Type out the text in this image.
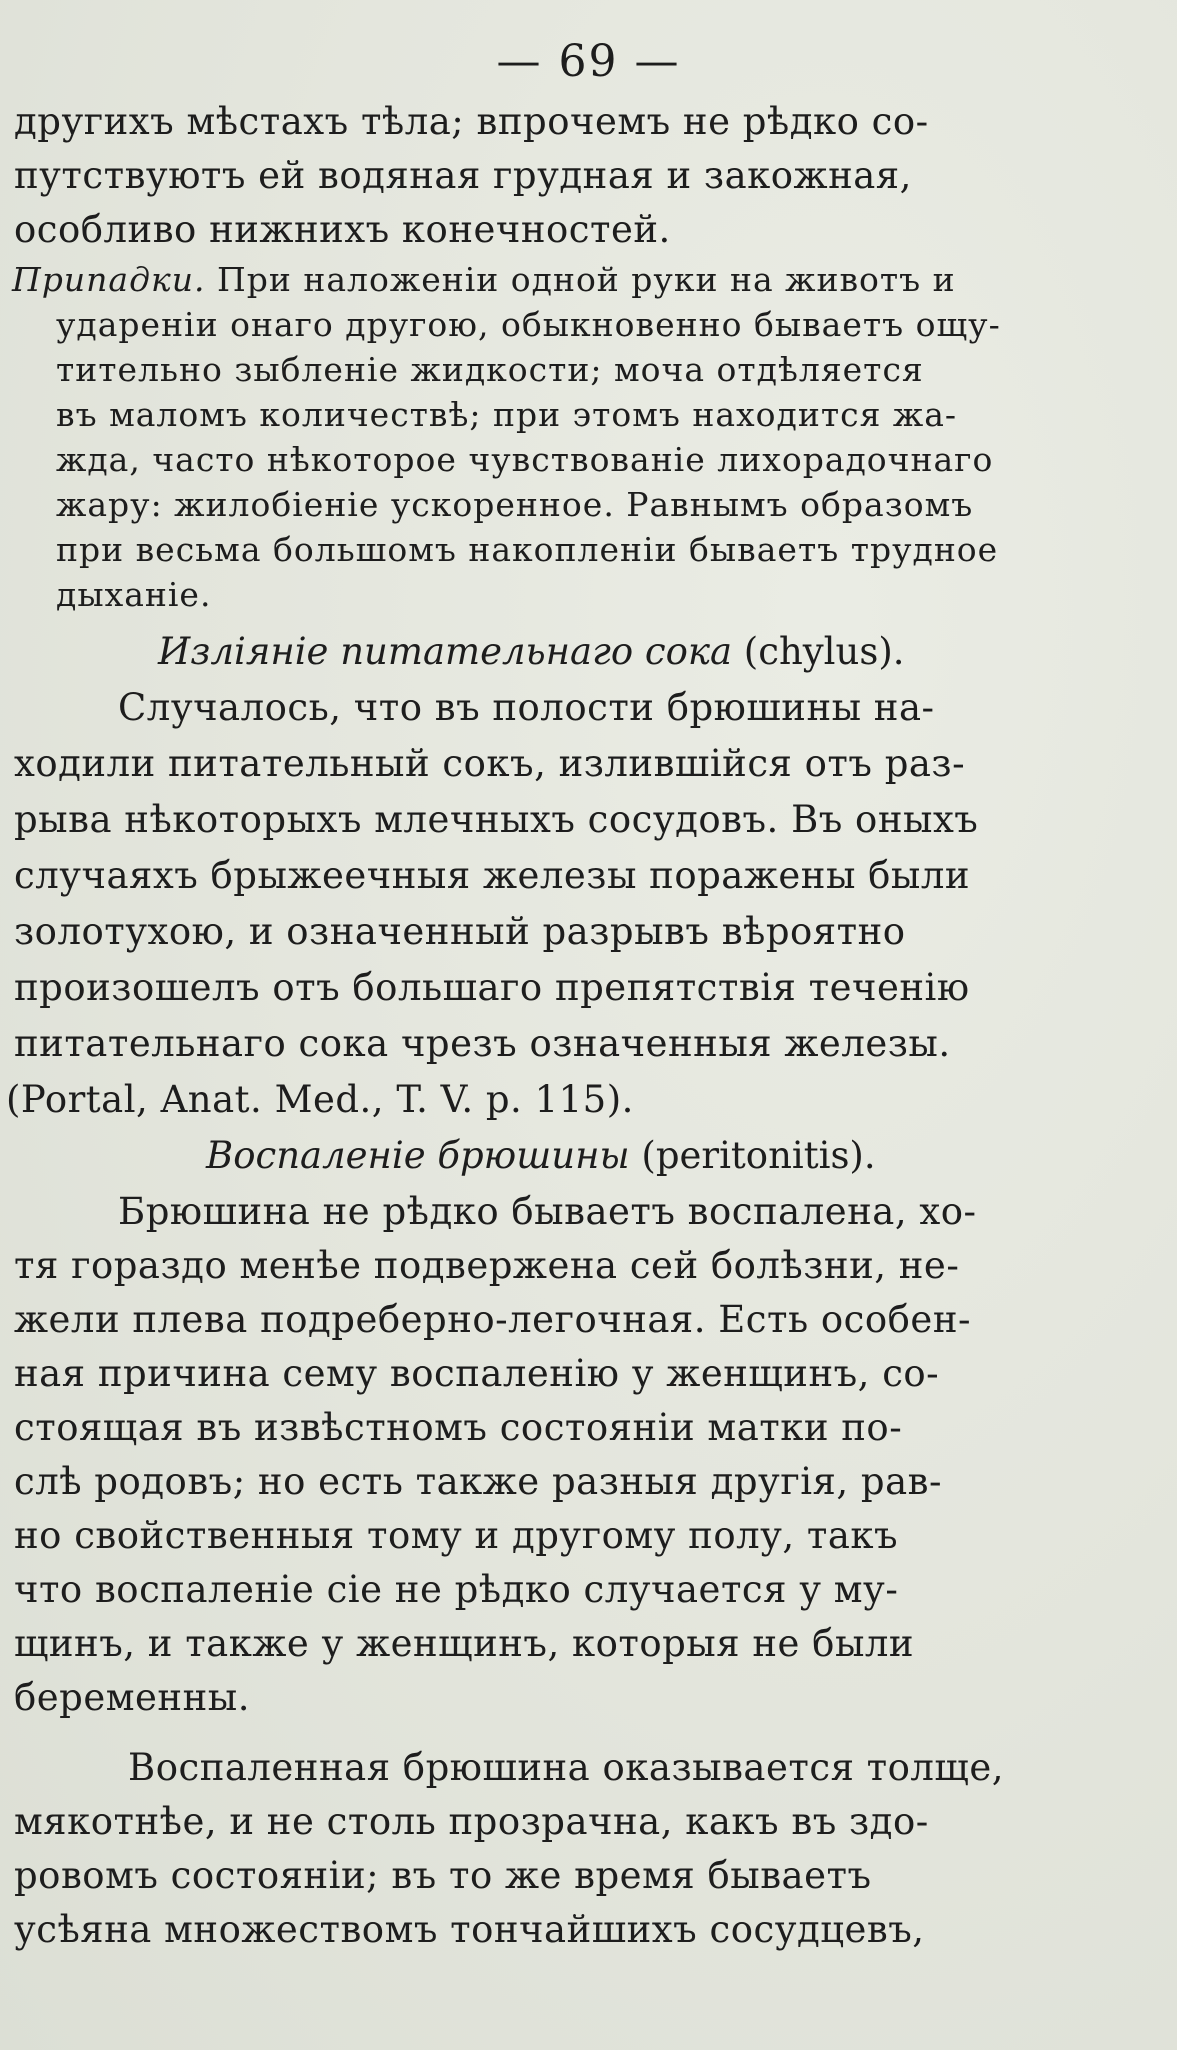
— 69 —
другихъ мѣстахъ тѣла; впрочемъ не рѣдко со-
путствуютъ ей водяная грудная и закожная,
особливо нижнихъ конечностей.
Припадки. При наложеніи одной руки на животъ и
удареніи онаго другою, обыкновенно бываетъ ощу-
тительно зыбленіе жидкости; моча отдѣляется
въ маломъ количествѣ; при этомъ находится жа-
жда, часто нѣкоторое чувствованіе лихорадочнаго
жару: жилобіеніе ускоренное. Равнымъ образомъ
при весьма большомъ накопленіи бываетъ трудное
дыханіе.
Изліяніе питательнаго сока (chylus).
Случалось, что въ полости брюшины на-
ходили питательный сокъ, излившійся отъ раз-
рыва нѣкоторыхъ млечныхъ сосудовъ. Въ оныхъ
случаяхъ брыжеечныя железы поражены были
золотухою, и означенный разрывъ вѣроятно
произошелъ отъ большаго препятствія теченію
питательнаго сока чрезъ означенныя железы.
(Portal, Anat. Med., T. V. p. 115).
Воспаленіе брюшины (peritonitis).
Брюшина не рѣдко бываетъ воспалена, хо-
тя гораздо менѣе подвержена сей болѣзни, не-
жели плева подреберно-легочная. Есть особен-
ная причина сему воспаленію у женщинъ, со-
стоящая въ извѣстномъ состояніи матки по-
слѣ родовъ; но есть также разныя другія, рав-
но свойственныя тому и другому полу, такъ
что воспаленіе сіе не рѣдко случается у му-
щинъ, и также у женщинъ, которыя не были
беременны.
Воспаленная брюшина оказывается толще,
мякотнѣе, и не столь прозрачна, какъ въ здо-
ровомъ состояніи; въ то же время бываетъ
усѣяна множествомъ тончайшихъ сосудцевъ,
